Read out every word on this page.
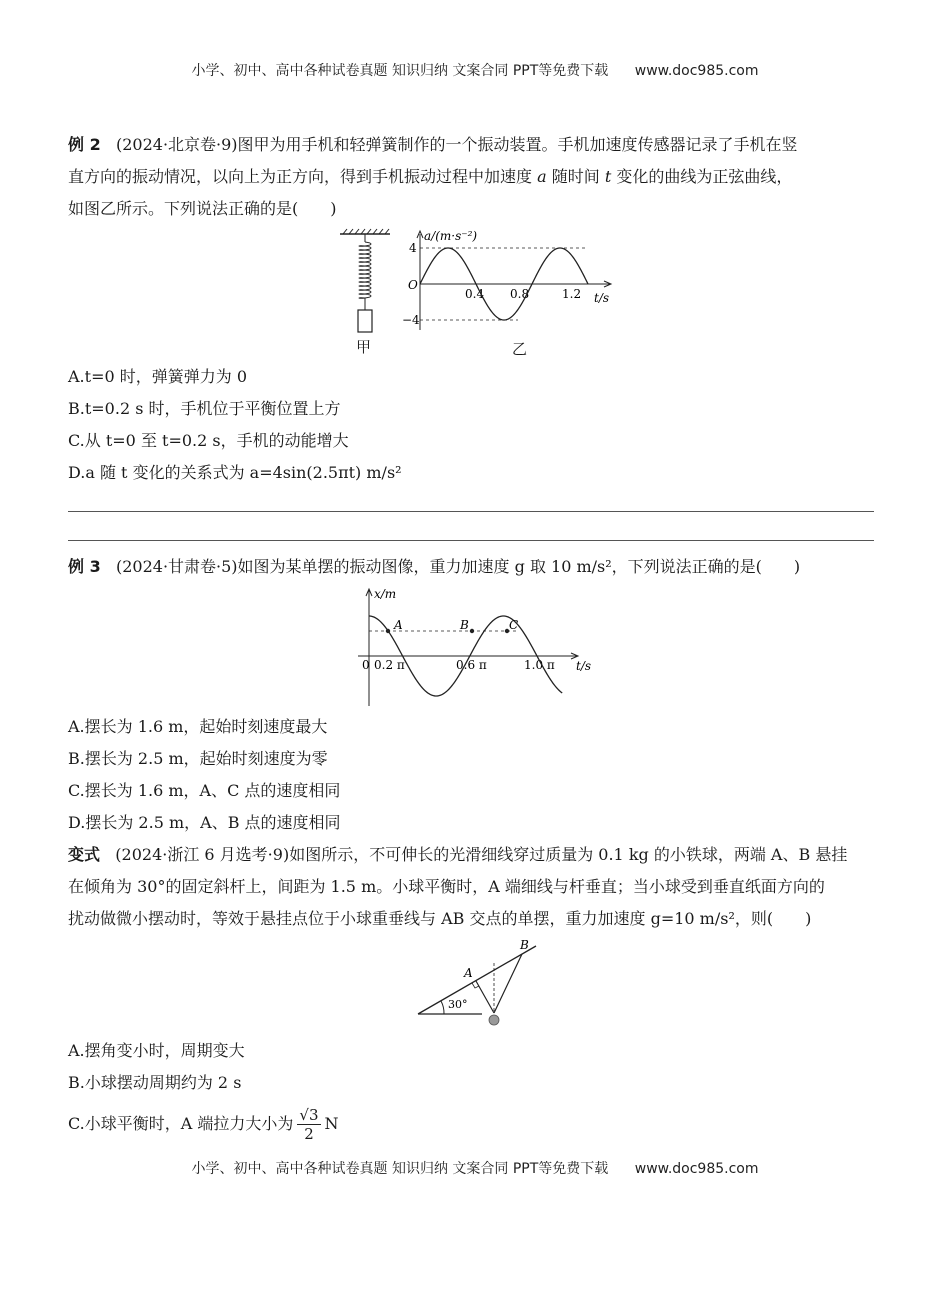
小学、初中、高中各种试卷真题 知识归纳 文案合同 PPT等免费下载 www.doc985.com
例 2 (2024·北京卷·9)图甲为用手机和轻弹簧制作的一个振动装置。手机加速度传感器记录了手机在竖
直方向的振动情况，以向上为正方向，得到手机振动过程中加速度 a 随时间 t 变化的曲线为正弦曲线，
如图乙所示。下列说法正确的是(　　)
甲
a/(m·s⁻²)
t/s
O
4
−4
0.4 0.8	1.2
乙
A.t=0 时，弹簧弹力为 0
B.t=0.2 s 时，手机位于平衡位置上方
C.从 t=0 至 t=0.2 s，手机的动能增大
D.a 随 t 变化的关系式为 a=4sin(2.5πt) m/s²
例 3 (2024·甘肃卷·5)如图为某单摆的振动图像，重力加速度 g 取 10 m/s²，下列说法正确的是(　　)
x/m
t/s
0 0.2 π	0.6 π	1.0 π
A	B	C
A.摆长为 1.6 m，起始时刻速度最大
B.摆长为 2.5 m，起始时刻速度为零
C.摆长为 1.6 m，A、C 点的速度相同
D.摆长为 2.5 m，A、B 点的速度相同
变式 (2024·浙江 6 月选考·9)如图所示，不可伸长的光滑细线穿过质量为 0.1 kg 的小铁球，两端 A、B 悬挂
在倾角为 30°的固定斜杆上，间距为 1.5 m。小球平衡时，A 端细线与杆垂直；当小球受到垂直纸面方向的
扰动做微小摆动时，等效于悬挂点位于小球重垂线与 AB 交点的单摆，重力加速度 g=10 m/s²，则(　　)
30°
A
B
A.摆角变小时，周期变大
B.小球摆动周期约为 2 s
C.小球平衡时，A 端拉力大小为 $\frac{√3}{2}$ N
小学、初中、高中各种试卷真题 知识归纳 文案合同 PPT等免费下载 www.doc985.com
